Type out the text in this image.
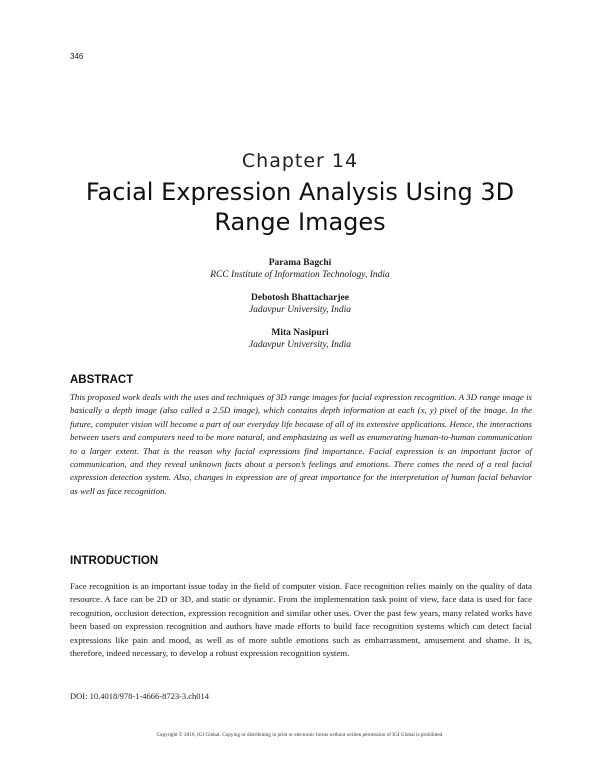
346
Chapter 14
Facial Expression Analysis Using 3D Range Images
Parama Bagchi
RCC Institute of Information Technology, India
Debotosh Bhattacharjee
Jadavpur University, India
Mita Nasipuri
Jadavpur University, India
ABSTRACT
This proposed work deals with the uses and techniques of 3D range images for facial expression recognition. A 3D range image is basically a depth image (also called a 2.5D image), which contains depth information at each (x, y) pixel of the image. In the future, computer vision will become a part of our everyday life because of all of its extensive applications. Hence, the interactions between users and computers need to be more natural, and emphasizing as well as enumerating human-to-human communication to a larger extent. That is the reason why facial expressions find importance. Facial expression is an important factor of communication, and they reveal unknown facts about a person’s feelings and emotions. There comes the need of a real facial expression detection system. Also, changes in expression are of great importance for the interpretation of human facial behavior as well as face recognition.
INTRODUCTION
Face recognition is an important issue today in the field of computer vision. Face recognition relies mainly on the quality of data resource. A face can be 2D or 3D, and static or dynamic. From the implementation task point of view, face data is used for face recognition, occlusion detection, expression recognition and similar other uses. Over the past few years, many related works have been based on expression recognition and authors have made efforts to build face recognition systems which can detect facial expressions like pain and mood, as well as of more subtle emotions such as embarrassment, amusement and shame. It is, therefore, indeed necessary, to develop a robust expression recognition system.
DOI: 10.4018/978-1-4666-8723-3.ch014
Copyright © 2016, IGI Global. Copying or distributing in print or electronic forms without written permission of IGI Global is prohibited.
